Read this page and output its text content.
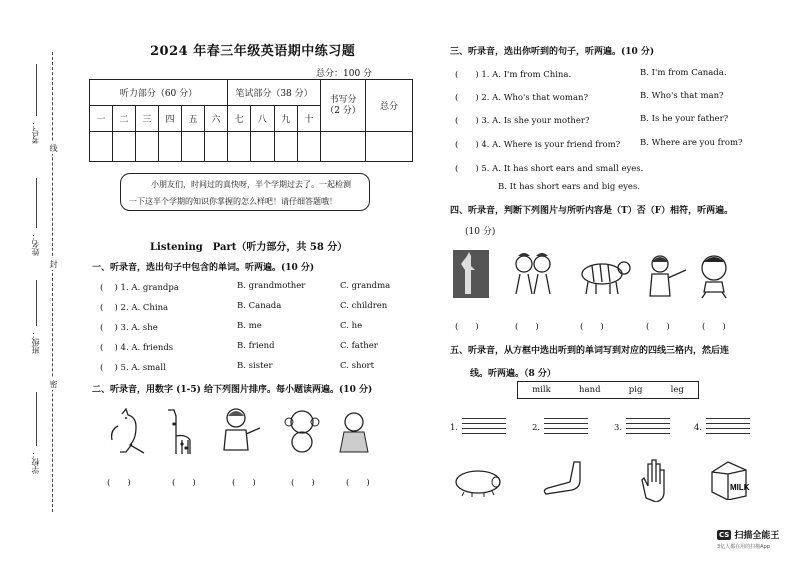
考号：
姓名：
班级：
学校：
线
封
密
2024 年春三年级英语期中练习题
总分：100 分
听力部分（60 分）						笔试部分（38 分）				书写分
（2 分）	总分
一	二	三	四	五	六	七	八	九	十		

小朋友们，时间过的真快呀，半个学期过去了。一起检测
一下这半个学期的知识你掌握的怎么样吧！请仔细答题哦！
Listening　Part（听力部分，共 58 分）
一、听录音，选出句子中包含的单词。听两遍。(10 分)
(　 ) 1. A. grandpa	B. grandmother	C. grandma
(　 ) 2. A. China	B. Canada	C. children
(　 ) 3. A. she	B. me	C. he
(　 ) 4. A. friends	B. friend	C. father
(　 ) 5. A. small	B. sister	C. short
二、听录音，用数字 (1-5) 给下列图片排序。每小题读两遍。(10 分)
(　　)	(　　)	(　　)	(　　)	(　　)
三、听录音，选出你听到的句子，听两遍。(10 分)
(　　) 1. A. I'm from China.	B. I'm from Canada.
(　　) 2. A. Who's that woman?	B. Who's that man?
(　　) 3. A. Is she your mother?	B. Is he your father?
(　　) 4. A. Where is your friend from? B. Where are you from?
(　　) 5. A. It has short ears and small eyes.
B. It has short ears and big eyes.
四、听录音，判断下列图片与所听内容是（T）否（F）相符，听两遍。
(10 分)
(　　)	(　　)	(　　)	(　　)	(　　)
五、听录音，从方框中选出听到的单词写到对应的四线三格内，然后连
线。听两遍。（8 分）
milk	hand	pig	leg
1.	2.	3.	4.
MILK
CS 扫描全能王
3亿人都在用的扫描App
